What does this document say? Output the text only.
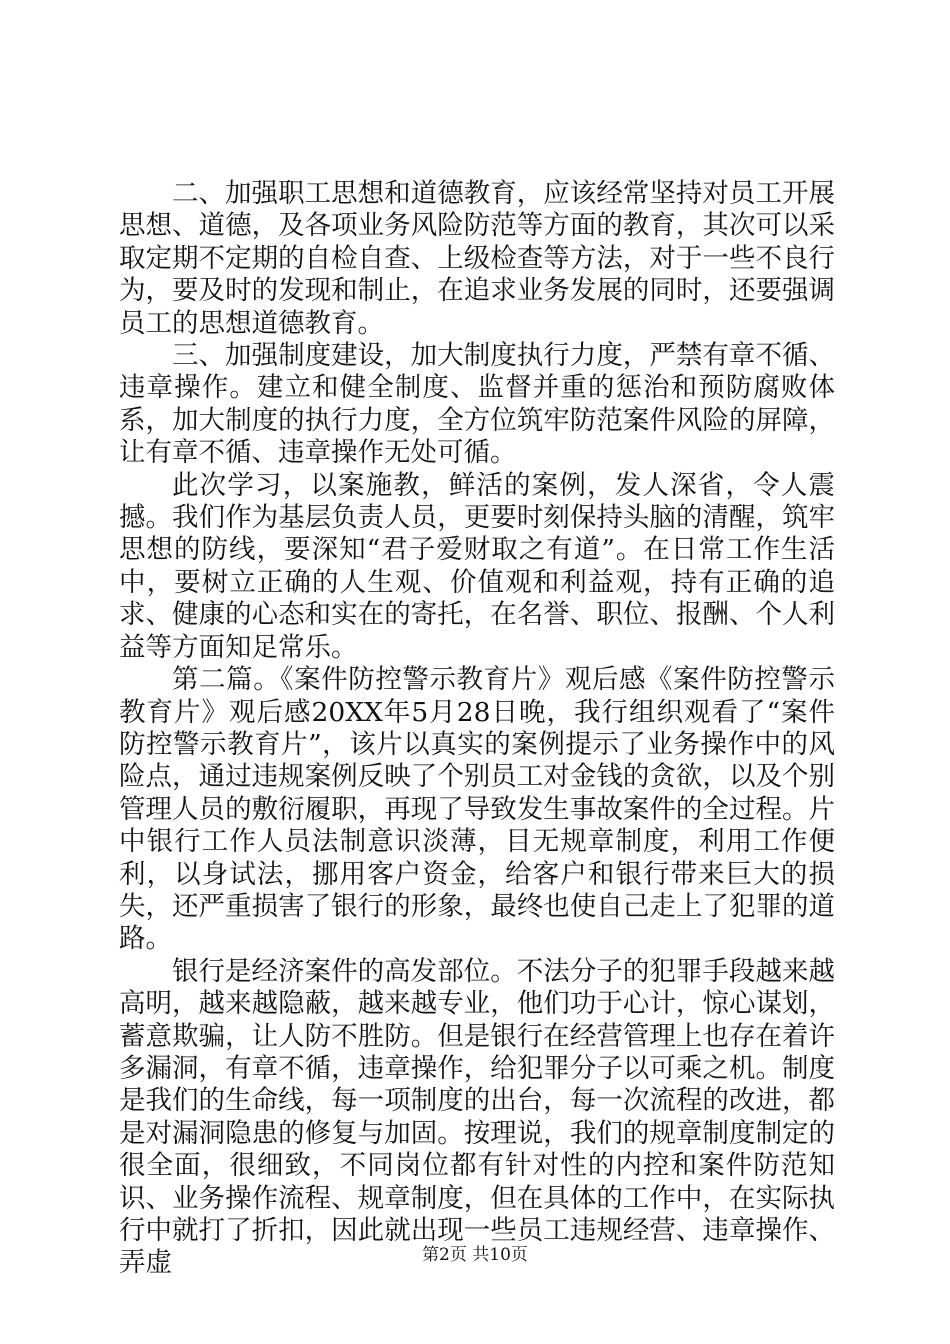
二、加强职工思想和道德教育，应该经常坚持对员工开展思想、道德，及各项业务风险防范等方面的教育，其次可以采取定期不定期的自检自查、上级检查等方法，对于一些不良行为，要及时的发现和制止，在追求业务发展的同时，还要强调员工的思想道德教育。

三、加强制度建设，加大制度执行力度，严禁有章不循、违章操作。建立和健全制度、监督并重的惩治和预防腐败体系，加大制度的执行力度，全方位筑牢防范案件风险的屏障，让有章不循、违章操作无处可循。

此次学习，以案施教，鲜活的案例，发人深省，令人震撼。我们作为基层负责人员，更要时刻保持头脑的清醒，筑牢思想的防线，要深知“君子爱财取之有道”。在日常工作生活中，要树立正确的人生观、价值观和利益观，持有正确的追求、健康的心态和实在的寄托，在名誉、职位、报酬、个人利益等方面知足常乐。

第二篇。《案件防控警示教育片》观后感《案件防控警示教育片》观后感20XX年5月28日晚，我行组织观看了“案件防控警示教育片”，该片以真实的案例提示了业务操作中的风险点，通过违规案例反映了个别员工对金钱的贪欲，以及个别管理人员的敷衍履职，再现了导致发生事故案件的全过程。片中银行工作人员法制意识淡薄，目无规章制度，利用工作便利，以身试法，挪用客户资金，给客户和银行带来巨大的损失，还严重损害了银行的形象，最终也使自己走上了犯罪的道路。

银行是经济案件的高发部位。不法分子的犯罪手段越来越高明，越来越隐蔽，越来越专业，他们功于心计，惊心谋划，蓄意欺骗，让人防不胜防。但是银行在经营管理上也存在着许多漏洞，有章不循，违章操作，给犯罪分子以可乘之机。制度是我们的生命线，每一项制度的出台，每一次流程的改进，都是对漏洞隐患的修复与加固。按理说，我们的规章制度制定的很全面，很细致，不同岗位都有针对性的内控和案件防范知识、业务操作流程、规章制度，但在具体的工作中，在实际执行中就打了折扣，因此就出现一些员工违规经营、违章操作、弄虚	第2页 共10页
